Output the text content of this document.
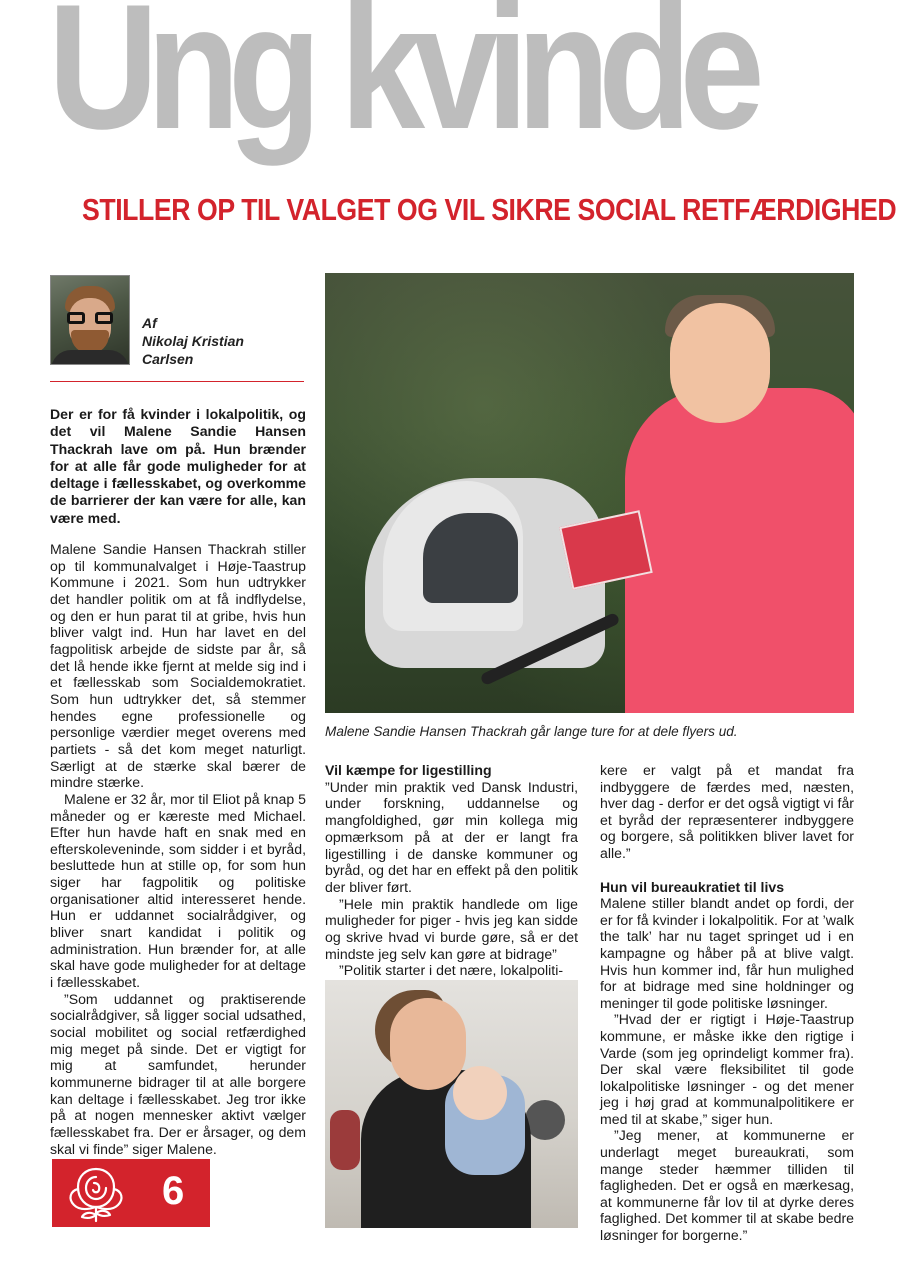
Ung kvinde
STILLER OP TIL VALGET OG VIL SIKRE SOCIAL RETFÆRDIGHED
Af
Nikolaj Kristian
Carlsen
Der er for få kvinder i lokalpolitik, og det vil Malene Sandie Hansen Thackrah lave om på. Hun brænder for at alle får gode muligheder for at deltage i fællesskabet, og overkomme de barrierer der kan være for alle, kan være med.

Malene Sandie Hansen Thackrah stiller op til kommunalvalget i Høje-Taastrup Kommune i 2021. Som hun udtrykker det handler politik om at få indflydelse, og den er hun parat til at gribe, hvis hun bliver valgt ind. Hun har lavet en del fagpolitisk arbejde de sidste par år, så det lå hende ikke fjernt at melde sig ind i et fællesskab som Socialdemokratiet. Som hun udtrykker det, så stemmer hendes egne professionelle og personlige værdier meget overens med partiets - så det kom meget naturligt. Særligt at de stærke skal bærer de mindre stærke.

Malene er 32 år, mor til Eliot på knap 5 måneder og er kæreste med Michael. Efter hun havde haft en snak med en efterskoleveninde, som sidder i et byråd, besluttede hun at stille op, for som hun siger har fagpolitik og politiske organisationer altid interesseret hende. Hun er uddannet socialrådgiver, og bliver snart kandidat i politik og administration. Hun brænder for, at alle skal have gode muligheder for at deltage i fællesskabet.

”Som uddannet og praktiserende socialrådgiver, så ligger social udsathed, social mobilitet og social retfærdighed mig meget på sinde. Det er vigtigt for mig at samfundet, herunder kommunerne bidrager til at alle borgere kan deltage i fællesskabet. Jeg tror ikke på at nogen mennesker aktivt vælger fællesskabet fra. Der er årsager, og dem skal vi finde” siger Malene.

Malene Sandie Hansen Thackrah går lange ture for at dele flyers ud.

Vil kæmpe for ligestilling

”Under min praktik ved Dansk Industri, under forskning, uddannelse og mangfoldighed, gør min kollega mig opmærksom på at der er langt fra ligestilling i de danske kommuner og byråd, og det har en effekt på den politik der bliver ført.

”Hele min praktik handlede om lige muligheder for piger - hvis jeg kan sidde og skrive hvad vi burde gøre, så er det mindste jeg selv kan gøre at bidrage”

”Politik starter i det nære, lokalpoliti-

kere er valgt på et mandat fra indbyggere de færdes med, næsten, hver dag - derfor er det også vigtigt vi får et byråd der repræsenterer indbyggere og borgere, så politikken bliver lavet for alle.”

Hun vil bureaukratiet til livs

Malene stiller blandt andet op fordi, der er for få kvinder i lokalpolitik. For at ’walk the talk’ har nu taget springet ud i en kampagne og håber på at blive valgt. Hvis hun kommer ind, får hun mulighed for at bidrage med sine holdninger og meninger til gode politiske løsninger.

”Hvad der er rigtigt i Høje-Taastrup kommune, er måske ikke den rigtige i Varde (som jeg oprindeligt kommer fra). Der skal være fleksibilitet til gode lokalpolitiske løsninger - og det mener jeg i høj grad at kommunalpolitikere er med til at skabe,” siger hun.

”Jeg mener, at kommunerne er underlagt meget bureaukrati, som mange steder hæmmer tilliden til fagligheden. Det er også en mærkesag, at kommunerne får lov til at dyrke deres faglighed. Det kommer til at skabe bedre løsninger for borgerne.”

6
